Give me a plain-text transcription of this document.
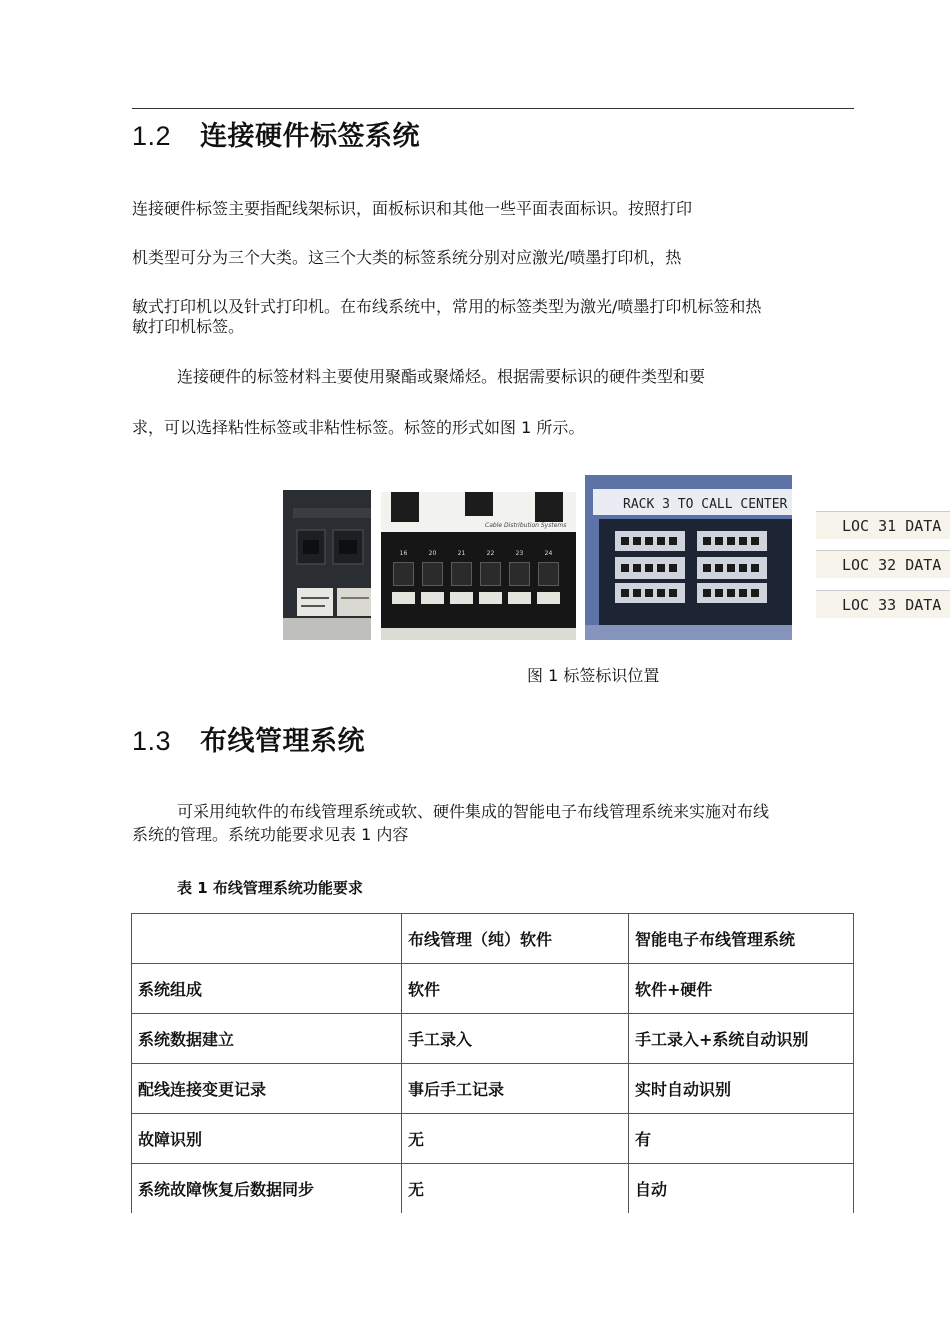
1.2 连接硬件标签系统
连接硬件标签主要指配线架标识，面板标识和其他一些平面表面标识。按照打印
机类型可分为三个大类。这三个大类的标签系统分别对应激光/喷墨打印机，热
敏式打印机以及针式打印机。在布线系统中，常用的标签类型为激光/喷墨打印机标签和热
敏打印机标签。
连接硬件的标签材料主要使用聚酯或聚烯烃。根据需要标识的硬件类型和要
求，可以选择粘性标签或非粘性标签。标签的形式如图 1 所示。
Cable Distribution Systems
16	20	21	22	23	24
RACK 3 TO CALL CENTER
LOC 31 DATA
LOC 32 DATA
LOC 33 DATA
图 1 标签标识位置
1.3 布线管理系统
可采用纯软件的布线管理系统或软、硬件集成的智能电子布线管理系统来实施对布线
系统的管理。系统功能要求见表 1 内容
表 1 布线管理系统功能要求
	布线管理（纯）软件	智能电子布线管理系统
系统组成	软件	软件+硬件
系统数据建立	手工录入	手工录入+系统自动识别
配线连接变更记录	事后手工记录	实时自动识别
故障识别	无	有
系统故障恢复后数据同步	无	自动
